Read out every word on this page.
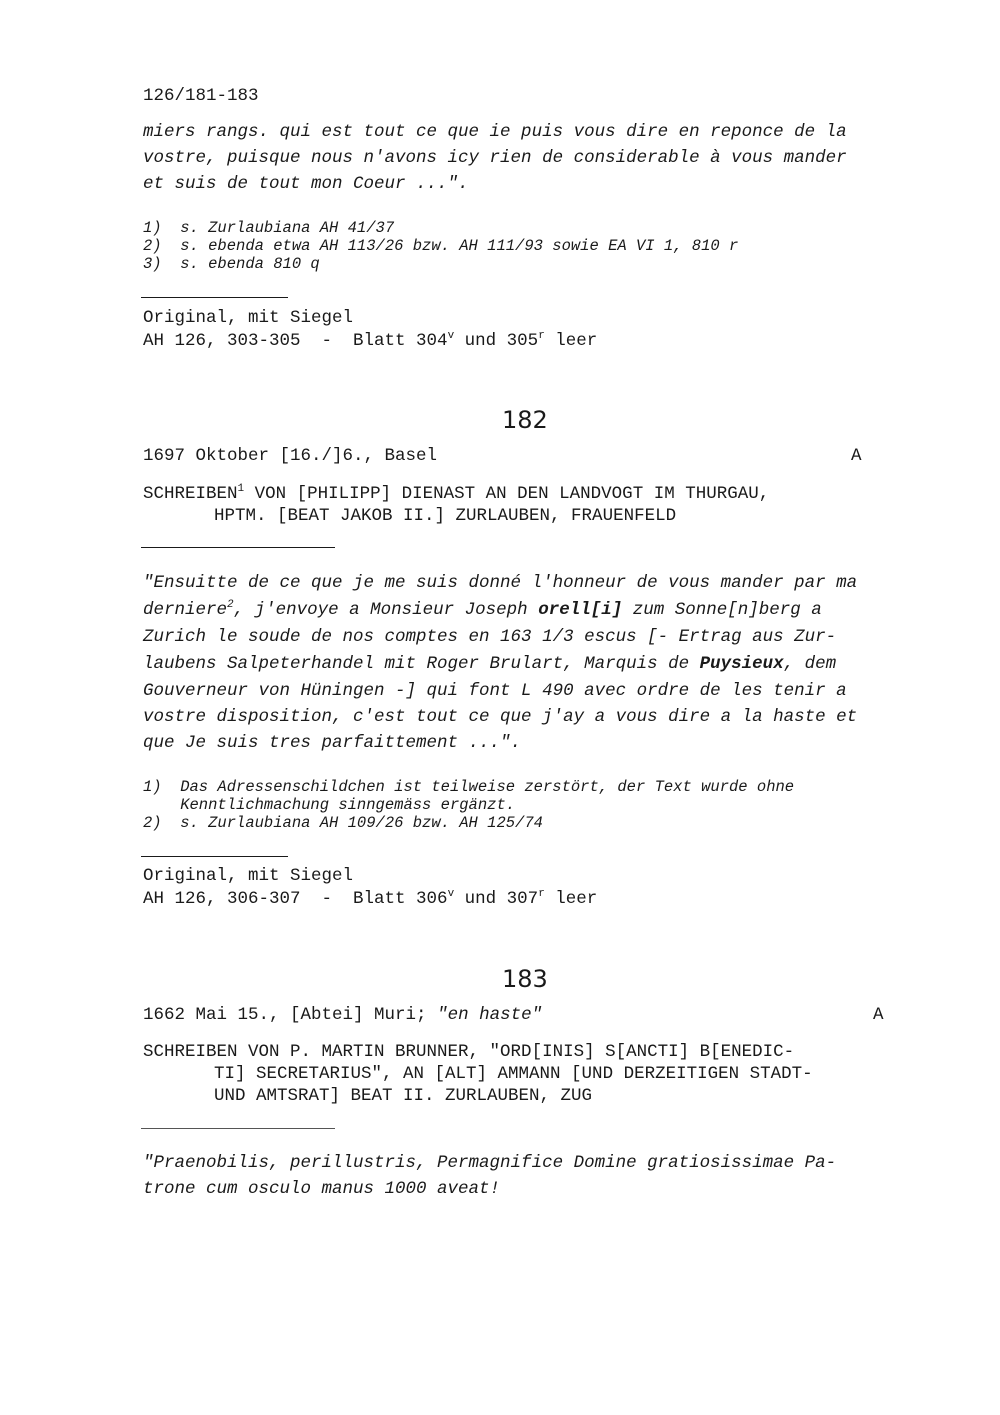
126/181-183
miers rangs. qui est tout ce que ie puis vous dire en reponce de la
vostre, puisque nous n'avons icy rien de considerable à vous mander
et suis de tout mon Coeur ...".
1)  s. Zurlaubiana AH 41/37
2)  s. ebenda etwa AH 113/26 bzw. AH 111/93 sowie EA VI 1, 810 r
3)  s. ebenda 810 q
Original, mit Siegel
AH 126, 303-305  -  Blatt 304$^v$ und 305$^r$ leer
182
1697 Oktober [16./]6., Basel	A
SCHREIBEN$^1$ VON [PHILIPP] DIENAST AN DEN LANDVOGT IM THURGAU,
HPTM. [BEAT JAKOB II.] ZURLAUBEN, FRAUENFELD
"Ensuitte de ce que je me suis donné l'honneur de vous mander par ma
derniere$^2$, j'envoye a Monsieur Joseph orell[i] zum Sonne[n]berg a
Zurich le soude de nos comptes en 163 1/3 escus [- Ertrag aus Zur-
laubens Salpeterhandel mit Roger Brulart, Marquis de Puysieux, dem
Gouverneur von Hüningen -] qui font L 490 avec ordre de les tenir a
vostre disposition, c'est tout ce que j'ay a vous dire a la haste et
que Je suis tres parfaittement ...".
1)  Das Adressenschildchen ist teilweise zerstört, der Text wurde ohne
Kenntlichmachung sinngemäss ergänzt.
2)  s. Zurlaubiana AH 109/26 bzw. AH 125/74
Original, mit Siegel
AH 126, 306-307  -  Blatt 306$^v$ und 307$^r$ leer
183
1662 Mai 15., [Abtei] Muri; "en haste"	A
SCHREIBEN VON P. MARTIN BRUNNER, "ORD[INIS] S[ANCTI] B[ENEDIC-
TI] SECRETARIUS", AN [ALT] AMMANN [UND DERZEITIGEN STADT-
UND AMTSRAT] BEAT II. ZURLAUBEN, ZUG
"Praenobilis, perillustris, Permagnifice Domine gratiosissimae Pa-
trone cum osculo manus 1000 aveat!
